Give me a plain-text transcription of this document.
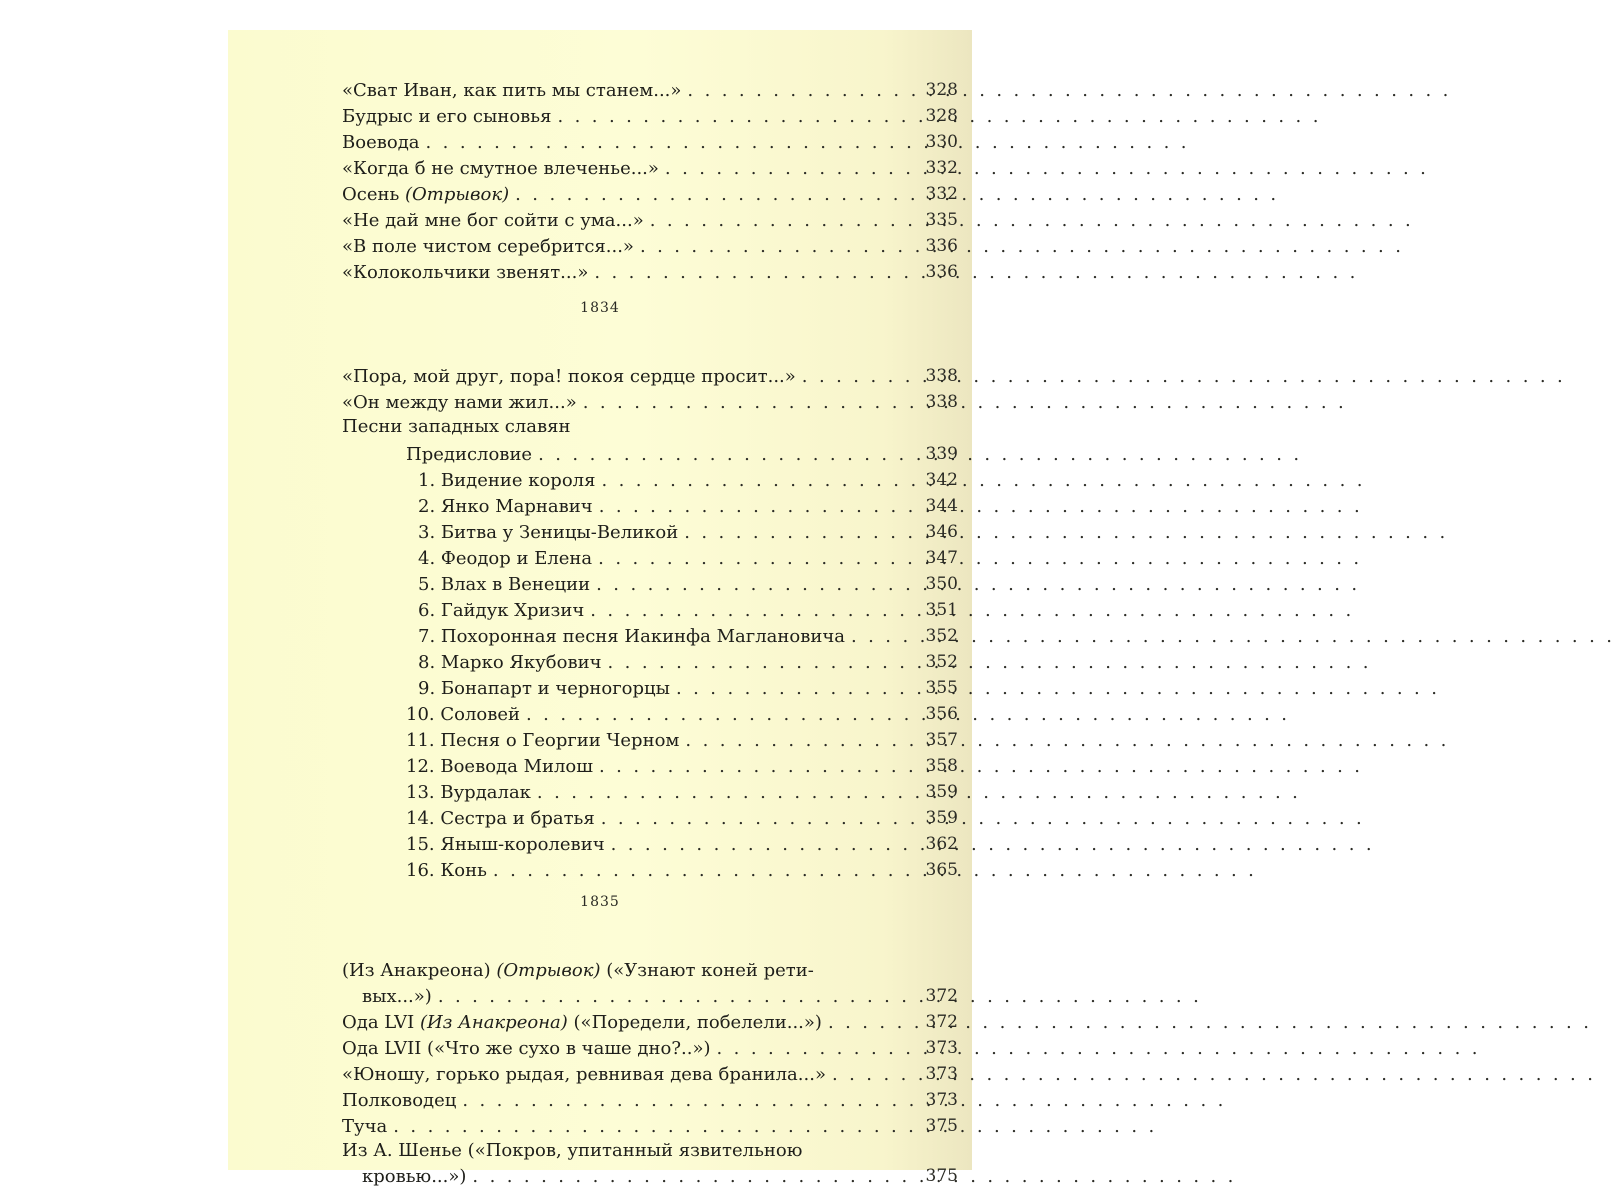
«Сват Иван, как пить мы станем...» . .	328
Будрыс и его сыновья . .	328
Воевода . .	330
«Когда б не смутное влеченье...» . .	332
Осень (Отрывок) . .	332
«Не дай мне бог сойти с ума...» . .	335
«В поле чистом серебрится...» . .	336
«Колокольчики звенят...» . .	336
1834
«Пора, мой друг, пора! покоя сердце просит...» . .	338
«Он между нами жил...» . .	338
Песни западных славян
Предисловие . .	339
1. Видение короля . .	342
2. Янко Марнавич . .	344
3. Битва у Зеницы-Великой . .	346
4. Феодор и Елена . .	347
5. Влах в Венеции . .	350
6. Гайдук Хризич . .	351
7. Похоронная песня Иакинфа Маглановича . .	352
8. Марко Якубович . .	352
9. Бонапарт и черногорцы . .	355
10. Соловей . .	356
11. Песня о Георгии Черном . .	357
12. Воевода Милош . .	358
13. Вурдалак . .	359
14. Сестра и братья . .	359
15. Яныш-королевич . .	362
16. Конь . .	365
1835
(Из Анакреона) (Отрывок) («Узнают коней рети-
вых...») . .	372
Ода LVI (Из Анакреона) («Поредели, побелели...») . .	372
Ода LVII («Что же сухо в чаше дно?..») . .	373
«Юношу, горько рыдая, ревнивая дева бранила...» . .	373
Полководец . .	373
Туча . .	375
Из А. Шенье («Покров, упитанный язвительною
кровью...») . .	375
